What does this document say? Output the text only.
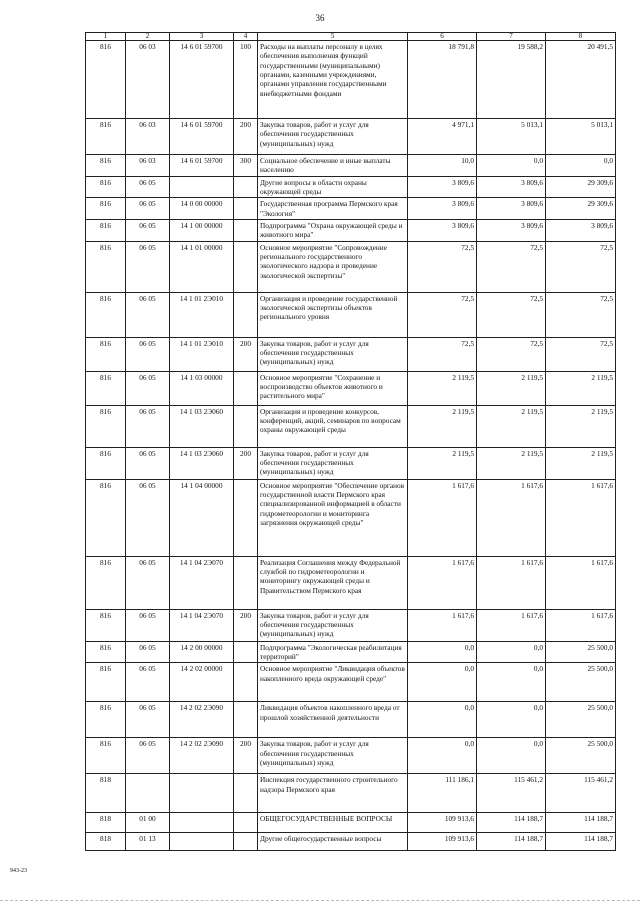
36
1	2	3	4	5	6	7	8
816	06 03	14 6 01 59700	100	Расходы на выплаты персоналу в целях обеспечения выполнения функций государственными (муниципальными) органами, казенными учреждениями, органами управления государственными внебюджетными фондами	18 791,8	19 588,2	20 491,5
816	06 03	14 6 01 59700	200	Закупка товаров, работ и услуг для обеспечения государственных (муниципальных) нужд	4 971,1	5 013,1	5 013,1
816	06 03	14 6 01 59700	300	Социальное обеспечение и иные выплаты населению	10,0	0,0	0,0
816	06 05			Другие вопросы в области охраны окружающей среды	3 809,6	3 809,6	29 309,6
816	06 05	14 0 00 00000		Государственная программа Пермского края "Экология"	3 809,6	3 809,6	29 309,6
816	06 05	14 1 00 00000		Подпрограмма "Охрана окружающей среды и животного мира"	3 809,6	3 809,6	3 809,6
816	06 05	14 1 01 00000		Основное мероприятие "Сопровождение регионального государственного экологического надзора и проведение экологической экспертизы"	72,5	72,5	72,5
816	06 05	14 1 01 2Э010		Организация и проведение государственной экологической экспертизы объектов регионального уровня	72,5	72,5	72,5
816	06 05	14 1 01 2Э010	200	Закупка товаров, работ и услуг для обеспечения государственных (муниципальных) нужд	72,5	72,5	72,5
816	06 05	14 1 03 00000		Основное мероприятие "Сохранение и воспроизводство объектов животного и растительного мира"	2 119,5	2 119,5	2 119,5
816	06 05	14 1 03 2Э060		Организация и проведение конкурсов, конференций, акций, семинаров по вопросам охраны окружающей среды	2 119,5	2 119,5	2 119,5
816	06 05	14 1 03 2Э060	200	Закупка товаров, работ и услуг для обеспечения государственных (муниципальных) нужд	2 119,5	2 119,5	2 119,5
816	06 05	14 1 04 00000		Основное мероприятие "Обеспечение органов государственной власти Пермского края специализированной информацией в области гидрометеорологии и мониторинга загрязнения окружающей среды"	1 617,6	1 617,6	1 617,6
816	06 05	14 1 04 2Э070		Реализация Соглашения между Федеральной службой по гидрометеорологии и мониторингу окружающей среды и Правительством Пермского края	1 617,6	1 617,6	1 617,6
816	06 05	14 1 04 2Э070	200	Закупка товаров, работ и услуг для обеспечения государственных (муниципальных) нужд	1 617,6	1 617,6	1 617,6
816	06 05	14 2 00 00000		Подпрограмма "Экологическая реабилитация территорий"	0,0	0,0	25 500,0
816	06 05	14 2 02 00000		Основное мероприятие "Ликвидация объектов накопленного вреда окружающей среде"	0,0	0,0	25 500,0
816	06 05	14 2 02 2Э090		Ликвидация объектов накопленного вреда от прошлой хозяйственной деятельности	0,0	0,0	25 500,0
816	06 05	14 2 02 2Э090	200	Закупка товаров, работ и услуг для обеспечения государственных (муниципальных) нужд	0,0	0,0	25 500,0
818				Инспекция государственного строительного надзора Пермского края	111 186,1	115 461,2	115 461,2
818	01 00			ОБЩЕГОСУДАРСТВЕННЫЕ ВОПРОСЫ	109 913,6	114 188,7	114 188,7
818	01 13			Другие общегосударственные вопросы	109 913,6	114 188,7	114 188,7
943-23
